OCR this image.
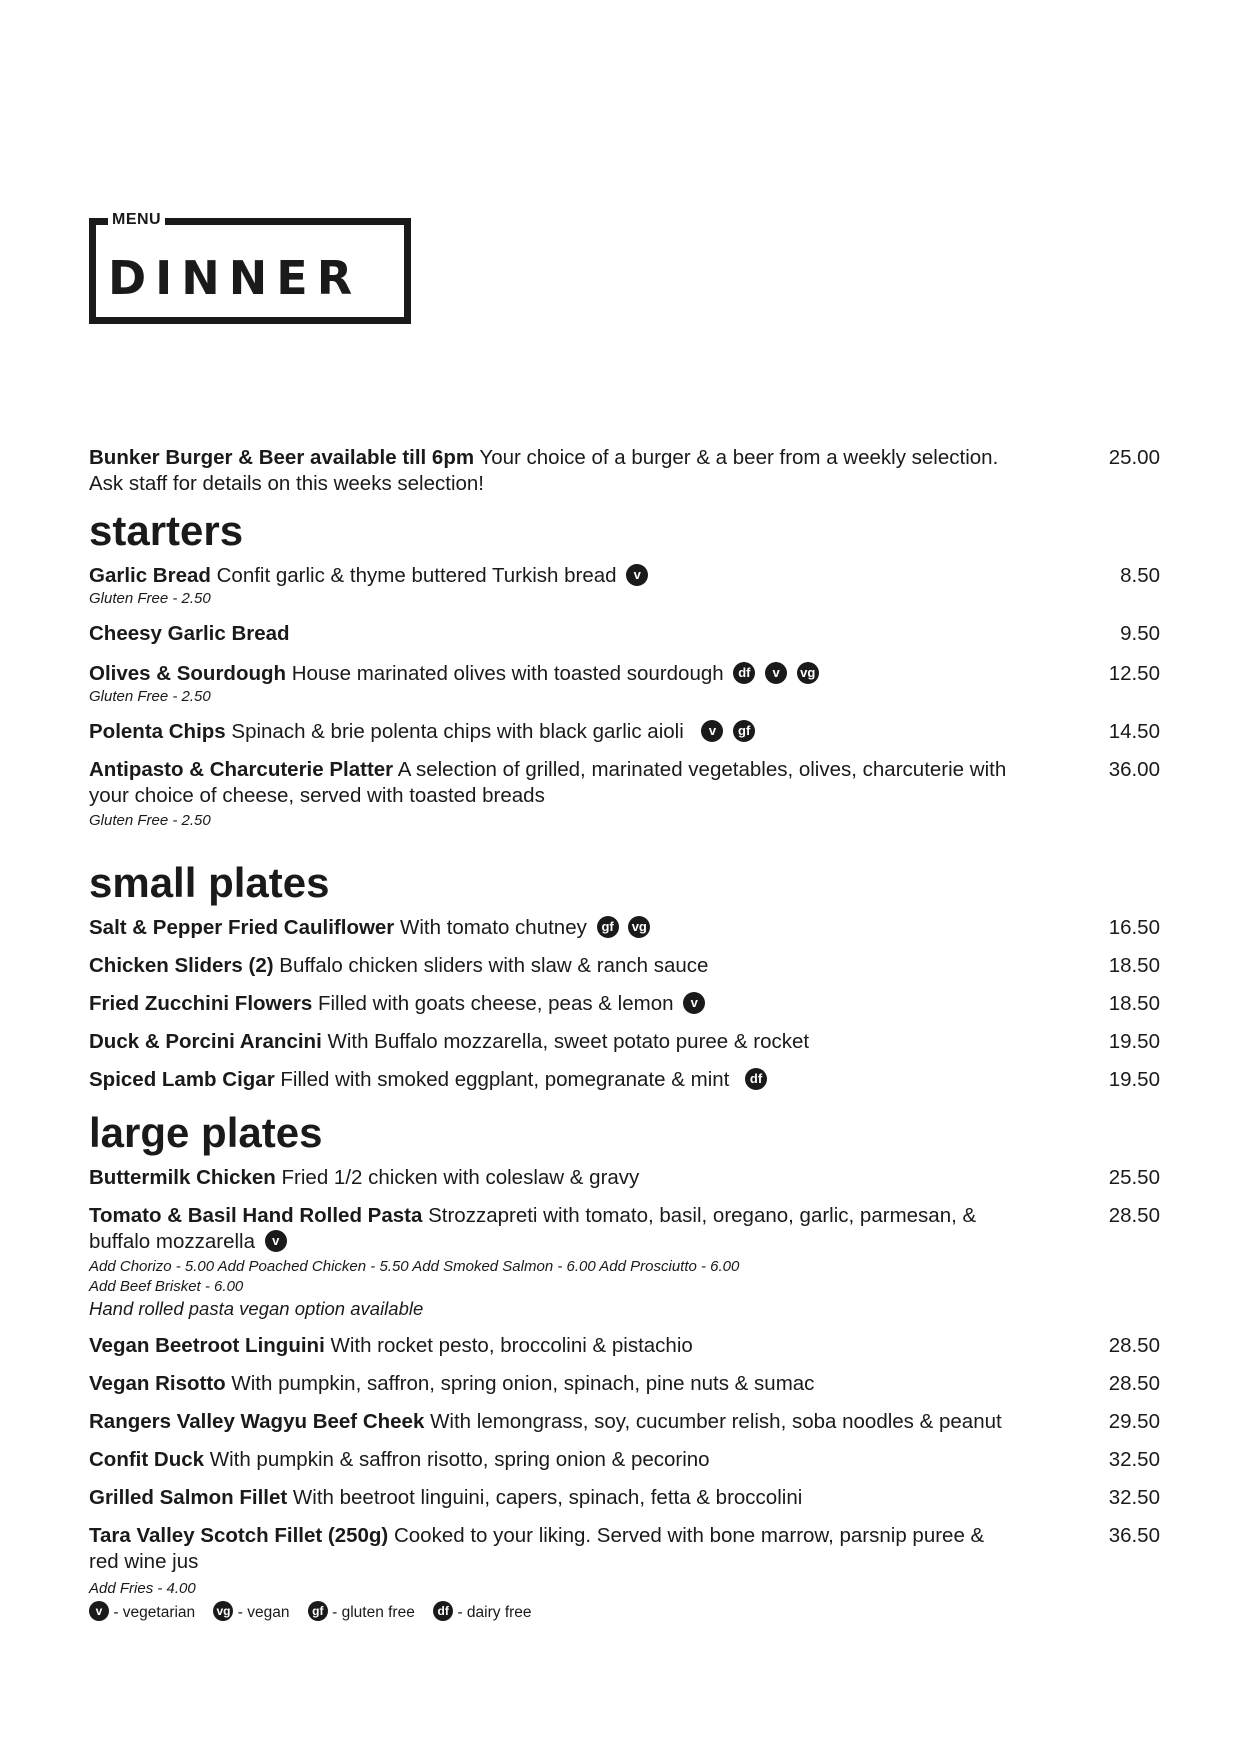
MENU
DINNER
Bunker Burger & Beer available till 6pm Your choice of a burger & a beer from a weekly selection. Ask staff for details on this weeks selection!
25.00
starters
Garlic Bread Confit garlic & thyme buttered Turkish bread v	8.50
Gluten Free - 2.50
Cheesy Garlic Bread	9.50
Olives & Sourdough House marinated olives with toasted sourdough df v vg	12.50
Gluten Free - 2.50
Polenta Chips Spinach & brie polenta chips with black garlic aioli v gf	14.50
Antipasto & Charcuterie Platter A selection of grilled, marinated vegetables, olives, charcuterie with your choice of cheese, served with toasted breads
36.00
Gluten Free - 2.50
small plates
Salt & Pepper Fried Cauliflower With tomato chutney gf vg	16.50
Chicken Sliders (2) Buffalo chicken sliders with slaw & ranch sauce	18.50
Fried Zucchini Flowers Filled with goats cheese, peas & lemon v	18.50
Duck & Porcini Arancini With Buffalo mozzarella, sweet potato puree & rocket	19.50
Spiced Lamb Cigar Filled with smoked eggplant, pomegranate & mint df	19.50
large plates
Buttermilk Chicken Fried 1/2 chicken with coleslaw & gravy	25.50
Tomato & Basil Hand Rolled Pasta Strozzapreti with tomato, basil, oregano, garlic, parmesan, & buffalo mozzarella v
28.50
Add Chorizo - 5.00 Add Poached Chicken - 5.50 Add Smoked Salmon - 6.00 Add Prosciutto - 6.00
Add Beef Brisket - 6.00
Hand rolled pasta vegan option available
Vegan Beetroot Linguini With rocket pesto, broccolini & pistachio	28.50
Vegan Risotto With pumpkin, saffron, spring onion, spinach, pine nuts & sumac	28.50
Rangers Valley Wagyu Beef Cheek With lemongrass, soy, cucumber relish, soba noodles & peanut	29.50
Confit Duck With pumpkin & saffron risotto, spring onion & pecorino	32.50
Grilled Salmon Fillet With beetroot linguini, capers, spinach, fetta & broccolini	32.50
Tara Valley Scotch Fillet (250g) Cooked to your liking. Served with bone marrow, parsnip puree & red wine jus
36.50
Add Fries - 4.00
v - vegetarian vg - vegan gf - gluten free df - dairy free
